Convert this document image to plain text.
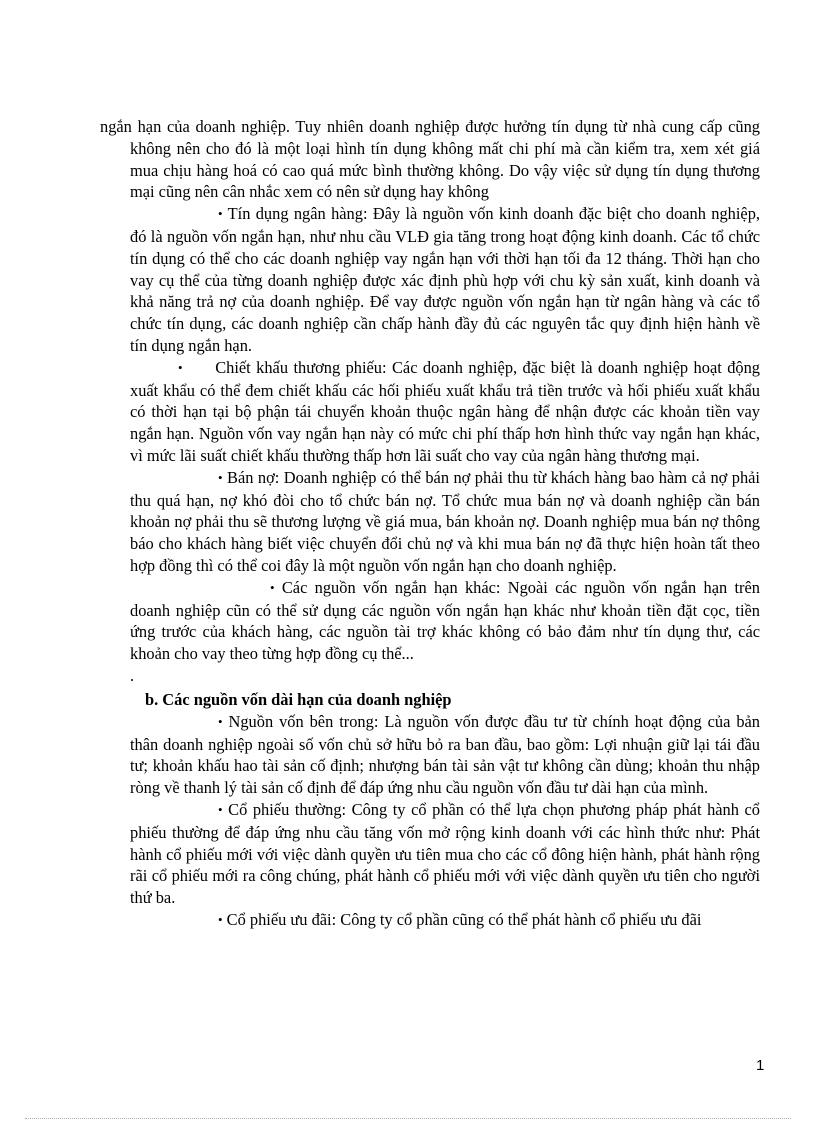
ngắn hạn của doanh nghiệp. Tuy nhiên doanh nghiệp được hưởng tín dụng từ nhà cung cấp cũng không nên cho đó là một loại hình tín dụng không mất chi phí mà cần kiểm tra, xem xét giá mua chịu hàng hoá có cao quá mức bình thường không. Do vậy việc sử dụng tín dụng thương mại cũng nên cân nhắc xem có nên sử dụng hay không

• Tín dụng ngân hàng: Đây là nguồn vốn kinh doanh đặc biệt cho doanh nghiệp, đó là nguồn vốn ngắn hạn, như nhu cầu VLĐ gia tăng trong hoạt động kinh doanh. Các tổ chức tín dụng có thể cho các doanh nghiệp vay ngắn hạn với thời hạn tối đa 12 tháng. Thời hạn cho vay cụ thể của từng doanh nghiệp được xác định phù hợp với chu kỳ sản xuất, kinh doanh và khả năng trả nợ của doanh nghiệp. Để vay được nguồn vốn ngắn hạn từ ngân hàng và các tổ chức tín dụng, các doanh nghiệp cần chấp hành đầy đủ các nguyên tắc quy định hiện hành về tín dụng ngắn hạn.

• Chiết khấu thương phiếu: Các doanh nghiệp, đặc biệt là doanh nghiệp hoạt động xuất khẩu có thể đem chiết khấu các hối phiếu xuất khẩu trả tiền trước và hối phiếu xuất khẩu có thời hạn tại bộ phận tái chuyển khoản thuộc ngân hàng để nhận được các khoản tiền vay ngắn hạn. Nguồn vốn vay ngắn hạn này có mức chi phí thấp hơn hình thức vay ngắn hạn khác, vì mức lãi suất chiết khấu thường thấp hơn lãi suất cho vay của ngân hàng thương mại.

• Bán nợ: Doanh nghiệp có thể bán nợ phải thu từ khách hàng bao hàm cả nợ phải thu quá hạn, nợ khó đòi cho tổ chức bán nợ. Tổ chức mua bán nợ và doanh nghiệp cần bán khoản nợ phải thu sẽ thương lượng về giá mua, bán khoản nợ. Doanh nghiệp mua bán nợ thông báo cho khách hàng biết việc chuyển đổi chủ nợ và khi mua bán nợ đã thực hiện hoàn tất theo hợp đồng thì có thể coi đây là một nguồn vốn ngắn hạn cho doanh nghiệp.

• Các nguồn vốn ngắn hạn khác: Ngoài các nguồn vốn ngắn hạn trên doanh nghiệp cũn có thể sử dụng các nguồn vốn ngắn hạn khác như khoản tiền đặt cọc, tiền ứng trước của khách hàng, các nguồn tài trợ khác không có bảo đảm như tín dụng thư, các khoản cho vay theo từng hợp đồng cụ thể...

.

b. Các nguồn vốn dài hạn của doanh nghiệp

• Nguồn vốn bên trong: Là nguồn vốn được đầu tư từ chính hoạt động của bản thân doanh nghiệp ngoài số vốn chủ sở hữu bỏ ra ban đầu, bao gồm: Lợi nhuận giữ lại tái đầu tư; khoản khấu hao tài sản cố định; nhượng bán tài sản vật tư không cần dùng; khoản thu nhập ròng về thanh lý tài sản cố định để đáp ứng nhu cầu nguồn vốn đầu tư dài hạn của mình.

• Cổ phiếu thường: Công ty cổ phần có thể lựa chọn phương pháp phát hành cổ phiếu thường để đáp ứng nhu cầu tăng vốn mở rộng kinh doanh với các hình thức như: Phát hành cổ phiếu mới với việc dành quyền ưu tiên mua cho các cổ đông hiện hành, phát hành rộng rãi cổ phiếu mới ra công chúng, phát hành cổ phiếu mới với việc dành quyền ưu tiên cho người thứ ba.

• Cổ phiếu ưu đãi: Công ty cổ phần cũng có thể phát hành cổ phiếu ưu đãi

1
